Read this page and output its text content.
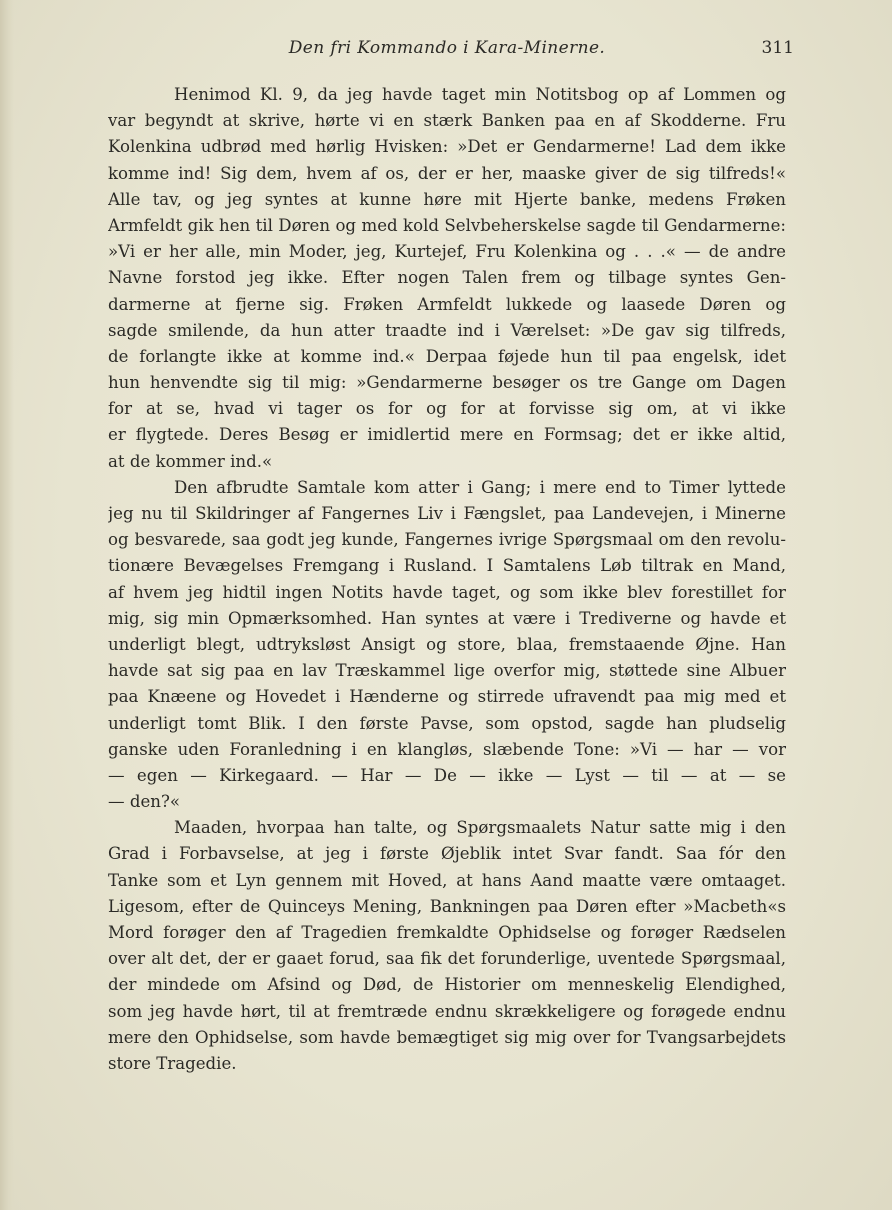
Den fri Kommando i Kara-Minerne.	311
Henimod Kl. 9, da jeg havde taget min Notitsbog op af Lommen og
var begyndt at skrive, hørte vi en stærk Banken paa en af Skodderne. Fru
Kolenkina udbrød med hørlig Hvisken: »Det er Gendarmerne! Lad dem ikke
komme ind! Sig dem, hvem af os, der er her, maaske giver de sig tilfreds!«
Alle tav, og jeg syntes at kunne høre mit Hjerte banke, medens Frøken
Armfeldt gik hen til Døren og med kold Selvbeherskelse sagde til Gendarmerne:
»Vi er her alle, min Moder, jeg, Kurtejef, Fru Kolenkina og . . .« — de andre
Navne forstod jeg ikke. Efter nogen Talen frem og tilbage syntes Gen-
darmerne at fjerne sig. Frøken Armfeldt lukkede og laasede Døren og
sagde smilende, da hun atter traadte ind i Værelset: »De gav sig tilfreds,
de forlangte ikke at komme ind.« Derpaa føjede hun til paa engelsk, idet
hun henvendte sig til mig: »Gendarmerne besøger os tre Gange om Dagen
for at se, hvad vi tager os for og for at forvisse sig om, at vi ikke
er flygtede. Deres Besøg er imidlertid mere en Formsag; det er ikke altid,
at de kommer ind.«
Den afbrudte Samtale kom atter i Gang; i mere end to Timer lyttede
jeg nu til Skildringer af Fangernes Liv i Fængslet, paa Landevejen, i Minerne
og besvarede, saa godt jeg kunde, Fangernes ivrige Spørgsmaal om den revolu-
tionære Bevægelses Fremgang i Rusland. I Samtalens Løb tiltrak en Mand,
af hvem jeg hidtil ingen Notits havde taget, og som ikke blev forestillet for
mig, sig min Opmærksomhed. Han syntes at være i Trediverne og havde et
underligt blegt, udtryksløst Ansigt og store, blaa, fremstaaende Øjne. Han
havde sat sig paa en lav Træskammel lige overfor mig, støttede sine Albuer
paa Knæene og Hovedet i Hænderne og stirrede ufravendt paa mig med et
underligt tomt Blik. I den første Pavse, som opstod, sagde han pludselig
ganske uden Foranledning i en klangløs, slæbende Tone: »Vi — har — vor
— egen — Kirkegaard. — Har — De — ikke — Lyst — til — at — se
— den?«
Maaden, hvorpaa han talte, og Spørgsmaalets Natur satte mig i den
Grad i Forbavselse, at jeg i første Øjeblik intet Svar fandt. Saa fór den
Tanke som et Lyn gennem mit Hoved, at hans Aand maatte være omtaaget.
Ligesom, efter de Quinceys Mening, Bankningen paa Døren efter »Macbeth«s
Mord forøger den af Tragedien fremkaldte Ophidselse og forøger Rædselen
over alt det, der er gaaet forud, saa fik det forunderlige, uventede Spørgsmaal,
der mindede om Afsind og Død, de Historier om menneskelig Elendighed,
som jeg havde hørt, til at fremtræde endnu skrækkeligere og forøgede endnu
mere den Ophidselse, som havde bemægtiget sig mig over for Tvangsarbejdets
store Tragedie.
